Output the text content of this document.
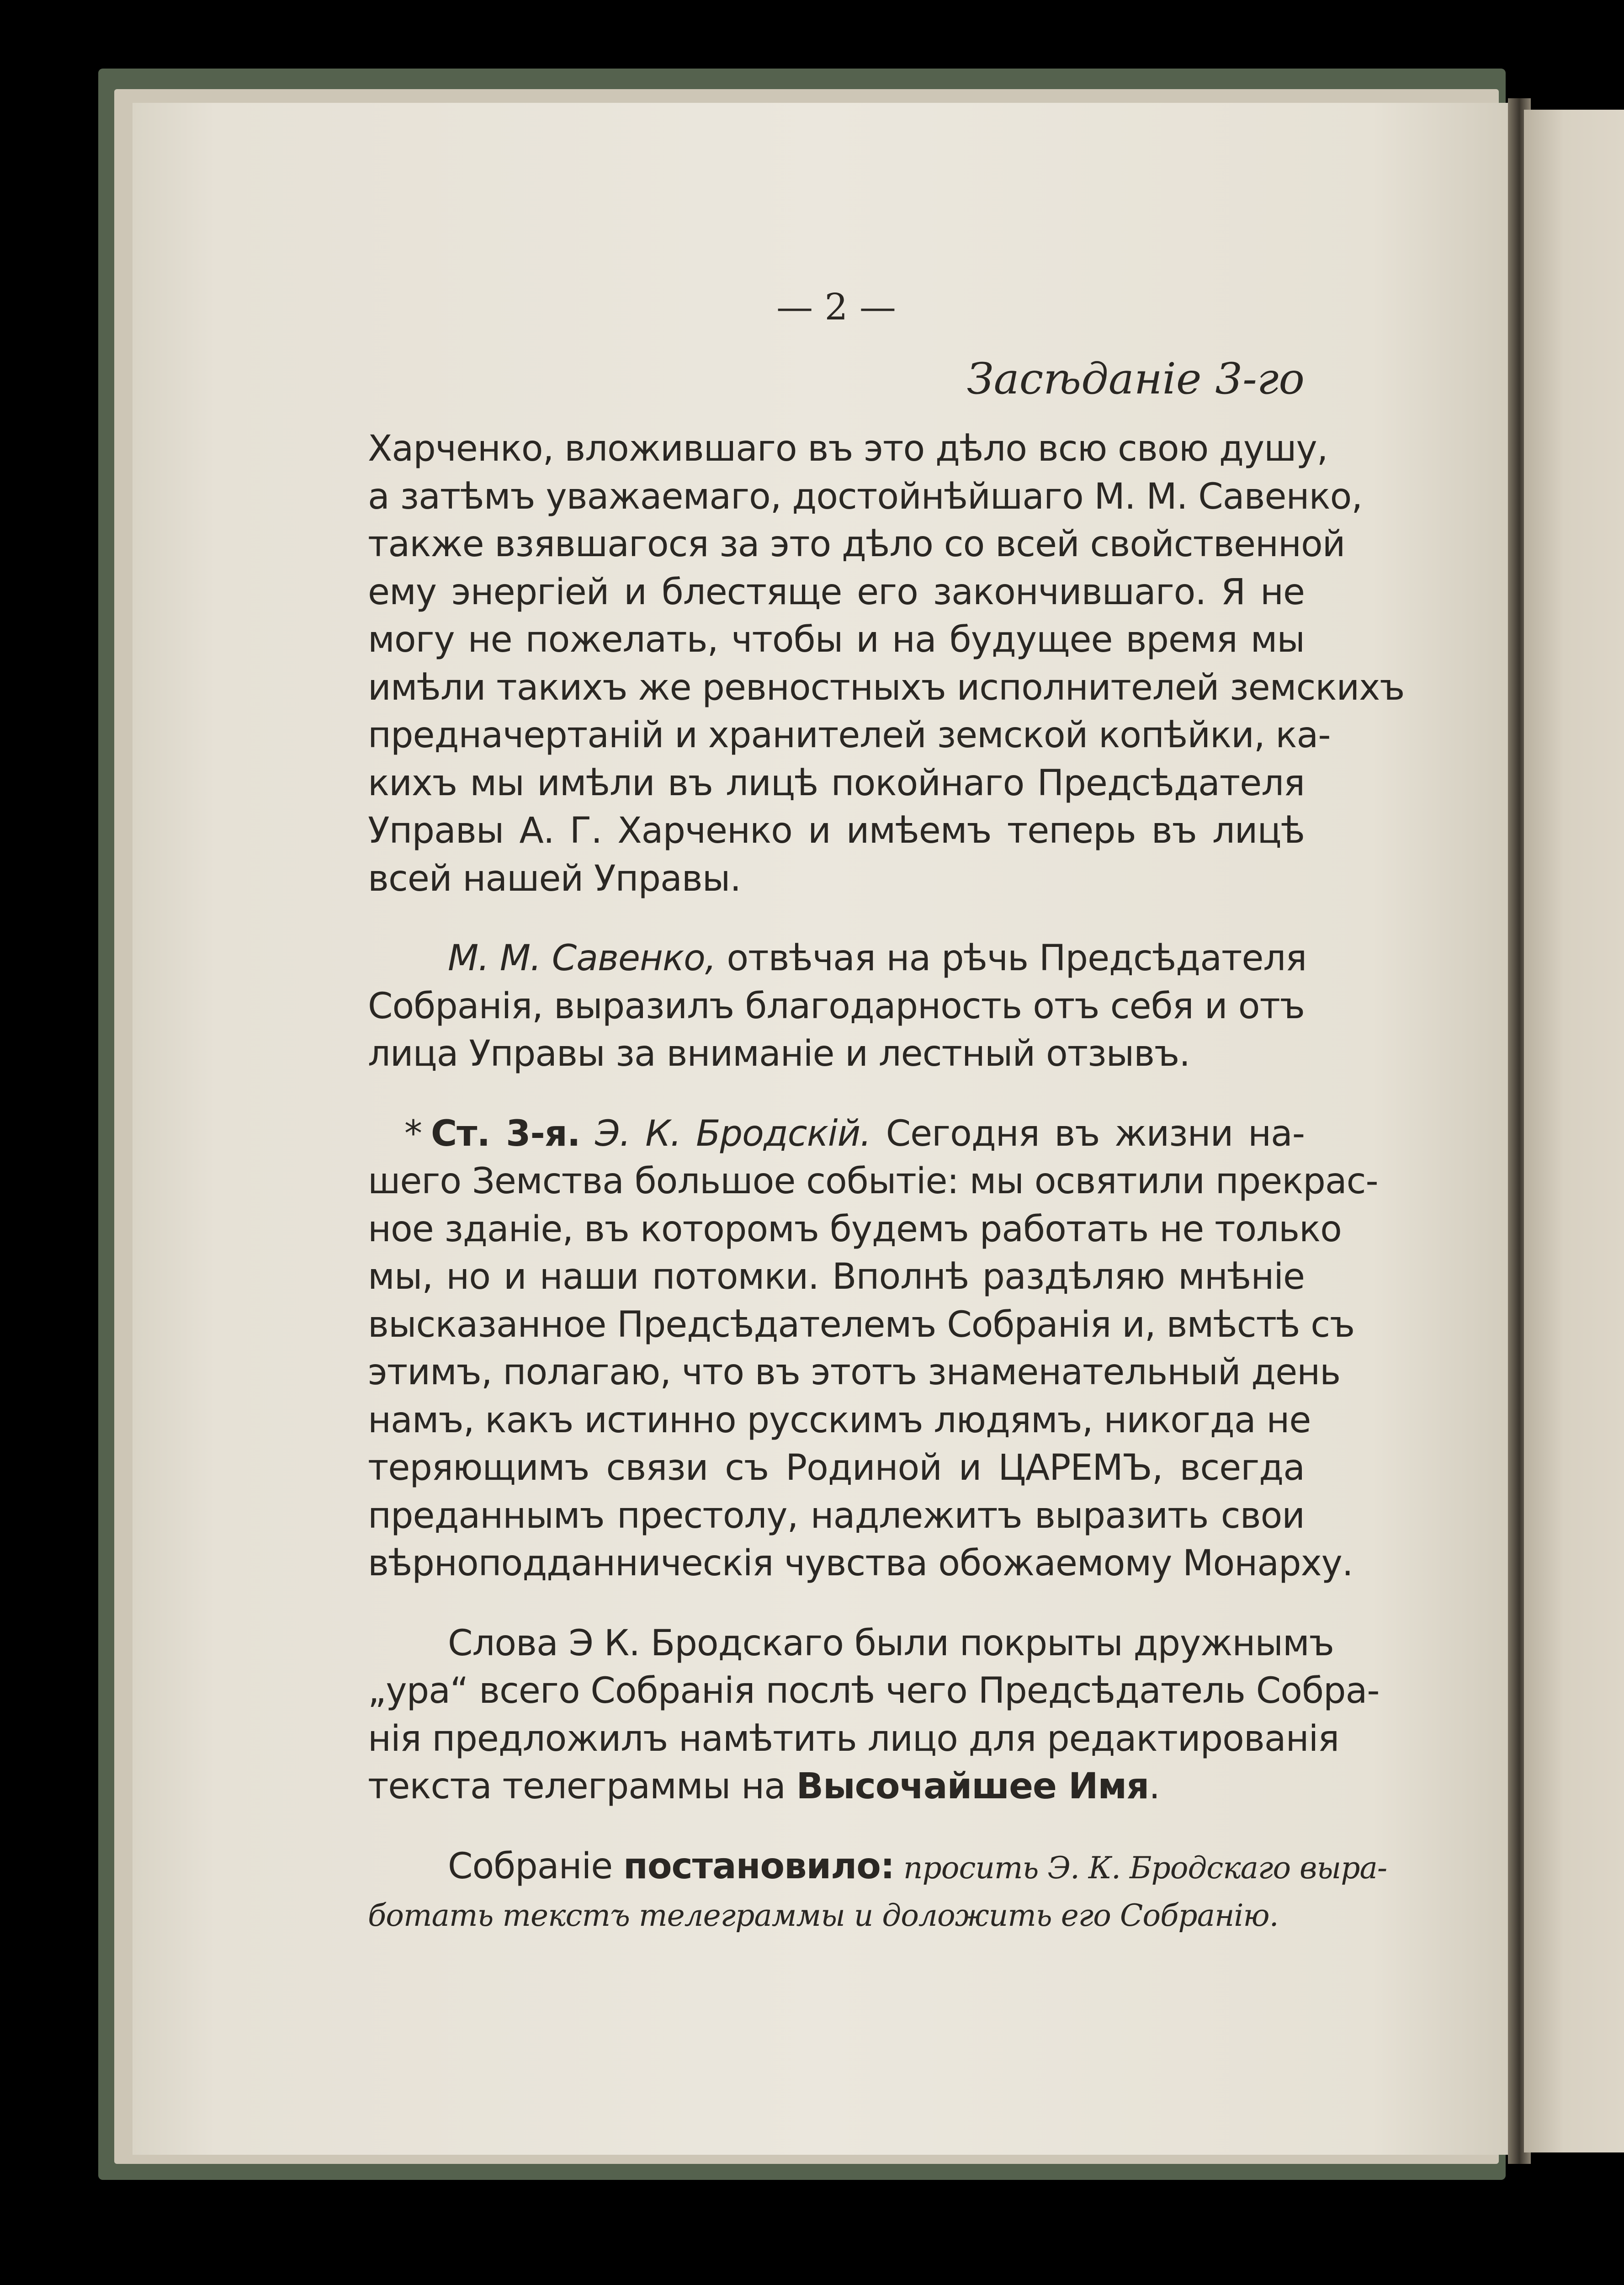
— 2 —
Засѣданіе 3-го
Харченко, вложившаго въ это дѣло всю свою душу,
а затѣмъ уважаемаго, достойнѣйшаго М. М. Савенко,
также взявшагося за это дѣло со всей свойственной
ему энергіей и блестяще его закончившаго. Я не
могу не пожелать, чтобы и на будущее время мы
имѣли такихъ же ревностныхъ исполнителей земскихъ
предначертаній и хранителей земской копѣйки, ка-
кихъ мы имѣли въ лицѣ покойнаго Предсѣдателя
Управы А. Г. Харченко и имѣемъ теперь въ лицѣ
всей нашей Управы.
М. М. Савенко, отвѣчая на рѣчь Предсѣдателя
Собранія, выразилъ благодарность отъ себя и отъ
лица Управы за вниманіе и лестный отзывъ.
* Ст. 3-я. Э. К. Бродскій. Сегодня въ жизни на-
шего Земства большое событіе: мы освятили прекрас-
ное зданіе, въ которомъ будемъ работать не только
мы, но и наши потомки. Вполнѣ раздѣляю мнѣніе
высказанное Предсѣдателемъ Собранія и, вмѣстѣ съ
этимъ, полагаю, что въ этотъ знаменательный день
намъ, какъ истинно русскимъ людямъ, никогда не
теряющимъ связи съ Родиной и ЦАРЕМЪ, всегда
преданнымъ престолу, надлежитъ выразить свои
вѣрноподданническія чувства обожаемому Монарху.
Слова Э К. Бродскаго были покрыты дружнымъ
„ура“ всего Собранія послѣ чего Предсѣдатель Собра-
нія предложилъ намѣтить лицо для редактированія
текста телеграммы на Высочайшее Имя.
Собраніе постановило: просить Э. К. Бродскаго выра-
ботать текстъ телеграммы и доложить его Собранію.
